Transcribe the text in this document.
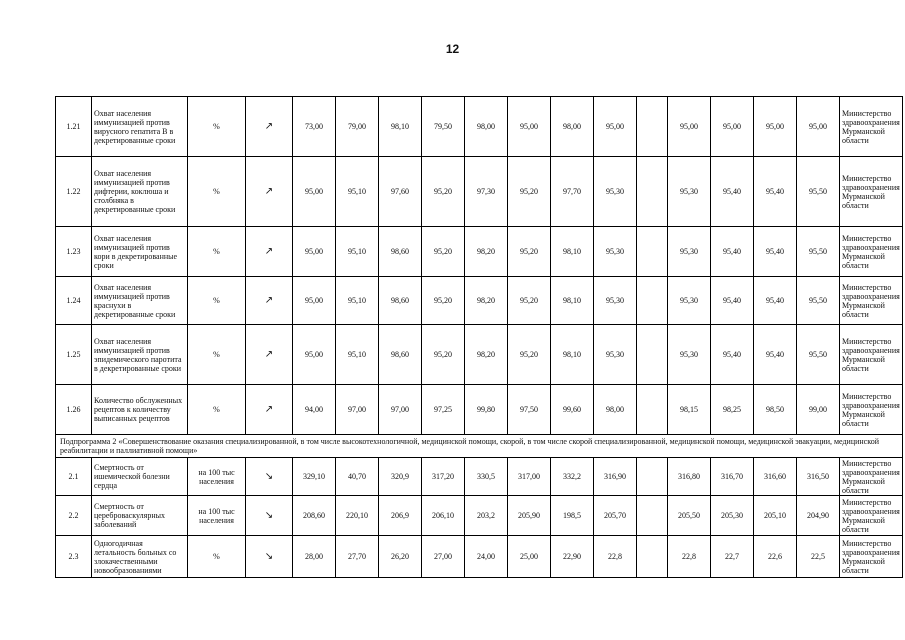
12
1.21	Охват населения иммунизацией против вирусного гепатита В в декретированные сроки	%	↗	73,00	79,00	98,10	79,50	98,00	95,00	98,00	95,00		95,00	95,00	95,00	95,00	Министерство здравоохранения Мурманской области
1.22	Охват населения иммунизацией против дифтерии, коклюша и столбняка в декретированные сроки	%	↗	95,00	95,10	97,60	95,20	97,30	95,20	97,70	95,30		95,30	95,40	95,40	95,50	Министерство здравоохранения Мурманской области
1.23	Охват населения иммунизацией против кори в декретированные сроки	%	↗	95,00	95,10	98,60	95,20	98,20	95,20	98,10	95,30		95,30	95,40	95,40	95,50	Министерство здравоохранения Мурманской области
1.24	Охват населения иммунизацией против краснухи в декретированные сроки	%	↗	95,00	95,10	98,60	95,20	98,20	95,20	98,10	95,30		95,30	95,40	95,40	95,50	Министерство здравоохранения Мурманской области
1.25	Охват населения иммунизацией против эпидемического паротита в декретированные сроки	%	↗	95,00	95,10	98,60	95,20	98,20	95,20	98,10	95,30		95,30	95,40	95,40	95,50	Министерство здравоохранения Мурманской области
1.26	Количество обслуженных рецептов к количеству выписанных рецептов	%	↗	94,00	97,00	97,00	97,25	99,80	97,50	99,60	98,00		98,15	98,25	98,50	99,00	Министерство здравоохранения Мурманской области
Подпрограмма 2 «Совершенствование оказания специализированной, в том числе высокотехнологичной, медицинской помощи, скорой, в том числе скорой специализированной, медицинской помощи, медицинской эвакуации, медицинской реабилитации и паллиативной помощи»																	
2.1	Смертность от ишемической болезни сердца	на 100 тыс населения	↘	329,10	40,70	320,9	317,20	330,5	317,00	332,2	316,90		316,80	316,70	316,60	316,50	Министерство здравоохранения Мурманской области
2.2	Смертность от цереброваскулярных заболеваний	на 100 тыс населения	↘	208,60	220,10	206,9	206,10	203,2	205,90	198,5	205,70		205,50	205,30	205,10	204,90	Министерство здравоохранения Мурманской области
2.3	Одногодичная летальность больных со злокачественными новообразованиями	%	↘	28,00	27,70	26,20	27,00	24,00	25,00	22,90	22,8		22,8	22,7	22,6	22,5	Министерство здравоохранения Мурманской области
